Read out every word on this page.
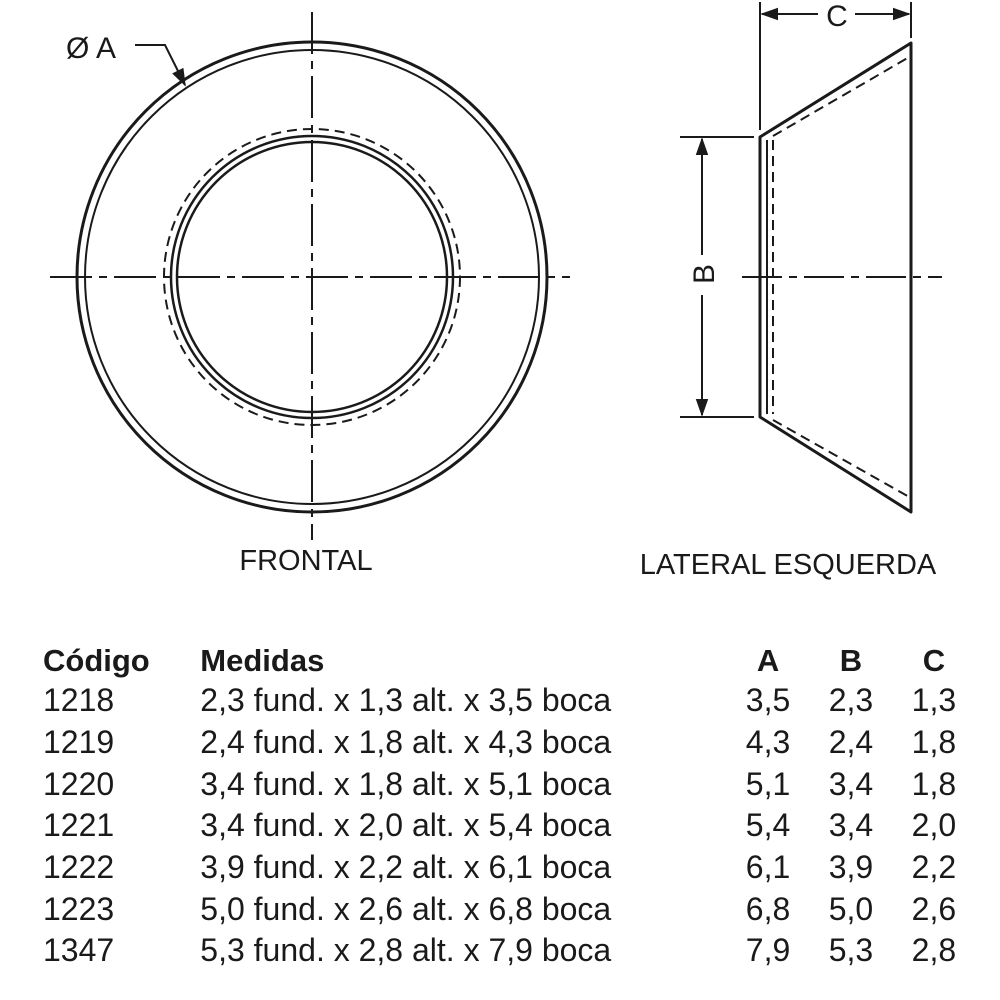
Ø A
FRONTAL
C
B
LATERAL ESQUERDA
Código	Medidas	A	B	C
1218	2,3 fund. x 1,3 alt. x 3,5 boca	3,5	2,3	1,3
1219	2,4 fund. x 1,8 alt. x 4,3 boca	4,3	2,4	1,8
1220	3,4 fund. x 1,8 alt. x 5,1 boca	5,1	3,4	1,8
1221	3,4 fund. x 2,0 alt. x 5,4 boca	5,4	3,4	2,0
1222	3,9 fund. x 2,2 alt. x 6,1 boca	6,1	3,9	2,2
1223	5,0 fund. x 2,6 alt. x 6,8 boca	6,8	5,0	2,6
1347	5,3 fund. x 2,8 alt. x 7,9 boca	7,9	5,3	2,8
